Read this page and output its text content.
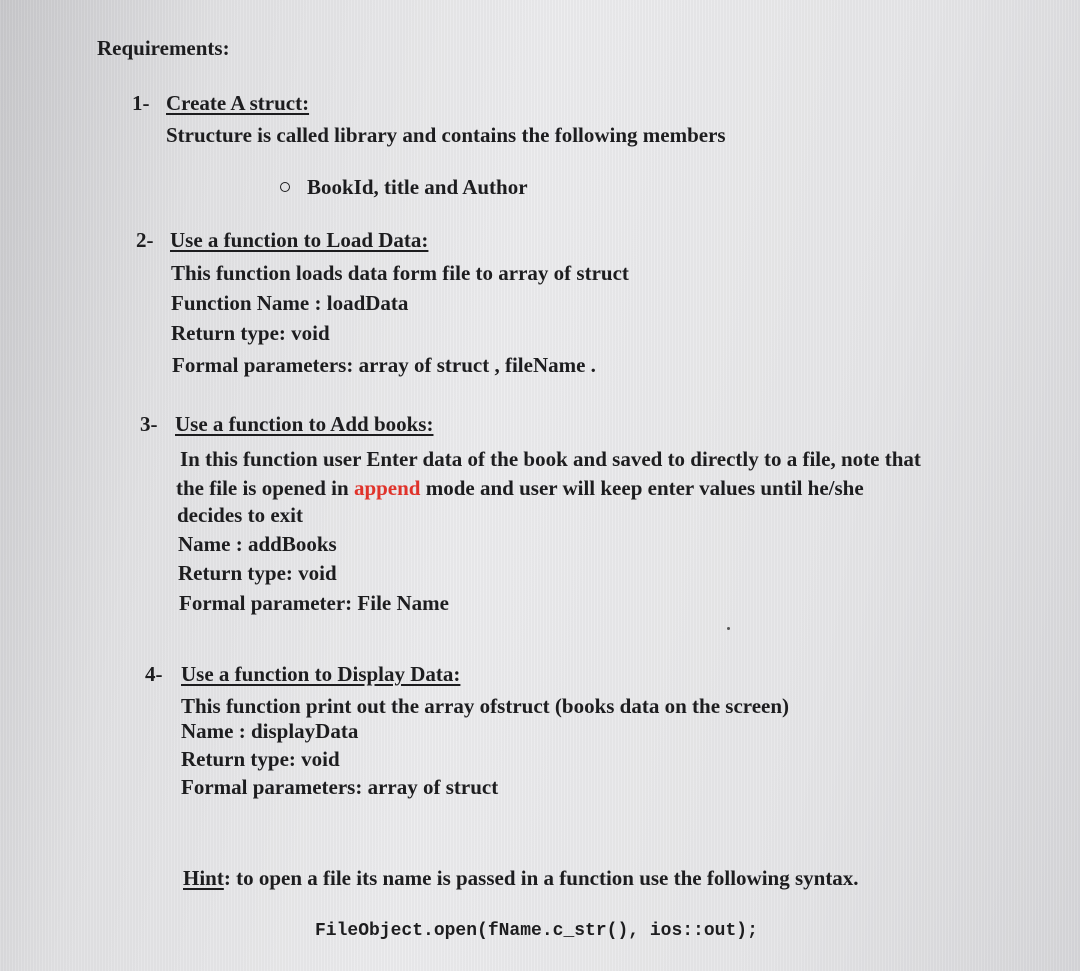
Requirements:
1- Create A struct:
Structure is called library and contains the following members
BookId, title and Author
2- Use a function to Load Data:
This function loads data form file to array of struct
Function Name : loadData
Return type: void
Formal parameters: array of struct , fileName .
3- Use a function to Add books:
In this function user Enter data of the book and saved to directly to a file, note that
the file is opened in append mode and user will keep enter values until he/she
decides to exit
Name : addBooks
Return type: void
Formal parameter: File Name
4- Use a function to Display Data:
This function print out the array ofstruct (books data on the screen)
Name : displayData
Return type: void
Formal parameters: array of struct
Hint: to open a file its name is passed in a function use the following syntax.
FileObject.open(fName.c_str(), ios::out);
